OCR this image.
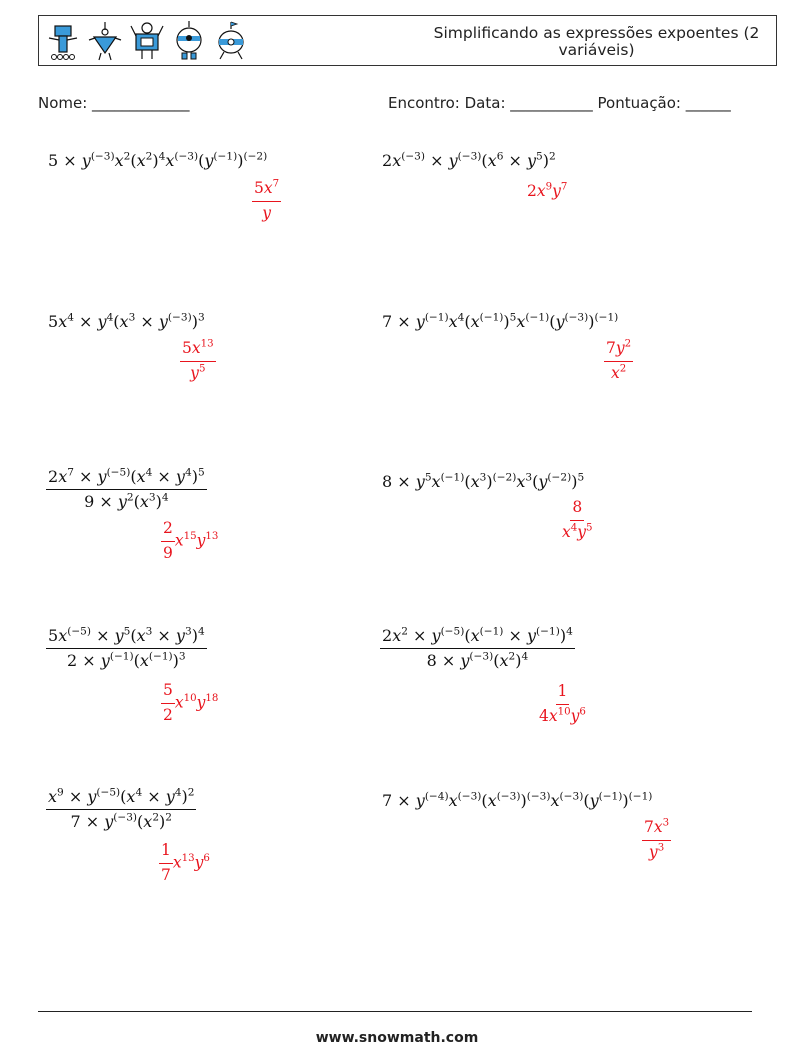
Simplificando as expressões expoentes (2 variáveis)
Nome: _____________	Encontro: Data: ___________ Pontuação: ______
$5 \times y^{(-3)}x^2(x^2)^4x^{(-3)}(y^{(-1)})^{(-2)}$
$\frac{5x^7}{y}$
$2x^{(-3)} \times y^{(-3)}(x^6 \times y^5)^2$
$2x^9y^7$
$5x^4 \times y^4(x^3 \times y^{(-3)})^3$
$\frac{5x^{13}}{y^5}$
$7 \times y^{(-1)}x^4(x^{(-1)})^5x^{(-1)}(y^{(-3)})^{(-1)}$
$\frac{7y^2}{x^2}$
$\frac{2x^7 \times y^{(-5)}(x^4 \times y^4)^5}{9 \times y^2(x^3)^4}$
$\frac{2}{9} x^{15}y^{13}$
$8 \times y^5x^{(-1)}(x^3)^{(-2)}x^3(y^{(-2)})^5$
$\frac{8}{x^4y^5}$
$\frac{5x^{(-5)} \times y^5(x^3 \times y^3)^4}{2 \times y^{(-1)}(x^{(-1)})^3}$
$\frac{5}{2} x^{10}y^{18}$
$\frac{2x^2 \times y^{(-5)}(x^{(-1)} \times y^{(-1)})^4}{8 \times y^{(-3)}(x^2)^4}$
$\frac{1}{4x^{10}y^6}$
$\frac{x^9 \times y^{(-5)}(x^4 \times y^4)^2}{7 \times y^{(-3)}(x^2)^2}$
$\frac{1}{7} x^{13}y^6$
$7 \times y^{(-4)}x^{(-3)}(x^{(-3)})^{(-3)}x^{(-3)}(y^{(-1)})^{(-1)}$
$\frac{7x^3}{y^3}$
www.snowmath.com
